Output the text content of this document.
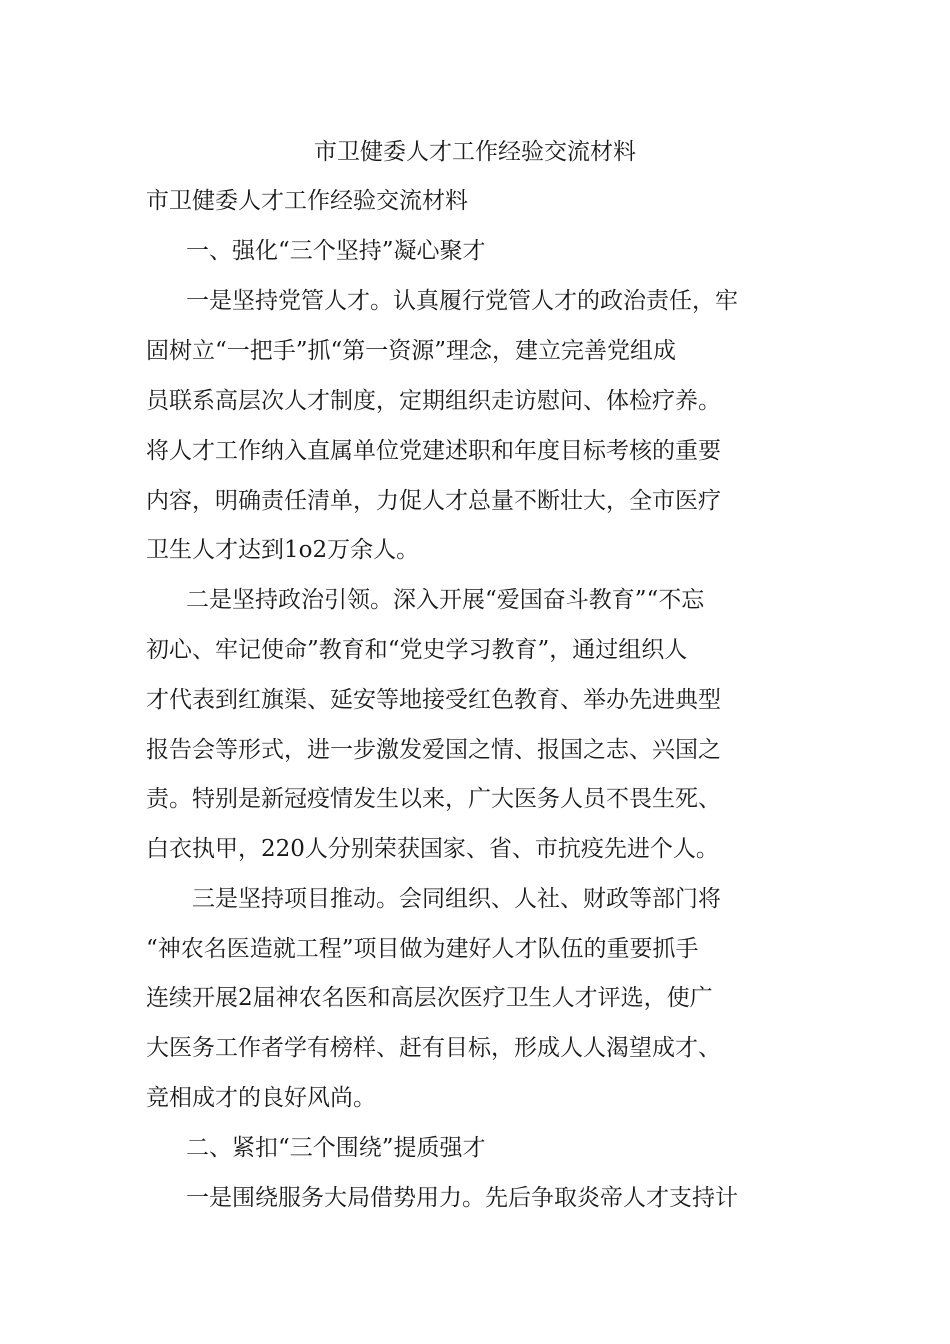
市卫健委人才工作经验交流材料

市卫健委人才工作经验交流材料

一、强化“三个坚持”凝心聚才

一是坚持党管人才。认真履行党管人才的政治责任，牢

固树立“一把手”抓“第一资源”理念，建立完善党组成

员联系高层次人才制度，定期组织走访慰问、体检疗养。

将人才工作纳入直属单位党建述职和年度目标考核的重要

内容，明确责任清单，力促人才总量不断壮大，全市医疗

卫生人才达到1o2万余人。

二是坚持政治引领。深入开展“爱国奋斗教育”“不忘

初心、牢记使命”教育和“党史学习教育”，通过组织人

才代表到红旗渠、延安等地接受红色教育、举办先进典型

报告会等形式，进一步激发爱国之情、报国之志、兴国之

责。特别是新冠疫情发生以来，广大医务人员不畏生死、

白衣执甲，220人分别荣获国家、省、市抗疫先进个人。

三是坚持项目推动。会同组织、人社、财政等部门将

“神农名医造就工程”项目做为建好人才队伍的重要抓手

连续开展2届神农名医和高层次医疗卫生人才评选，使广

大医务工作者学有榜样、赶有目标，形成人人渴望成才、

竞相成才的良好风尚。

二、紧扣“三个围绕”提质强才

一是围绕服务大局借势用力。先后争取炎帝人才支持计
